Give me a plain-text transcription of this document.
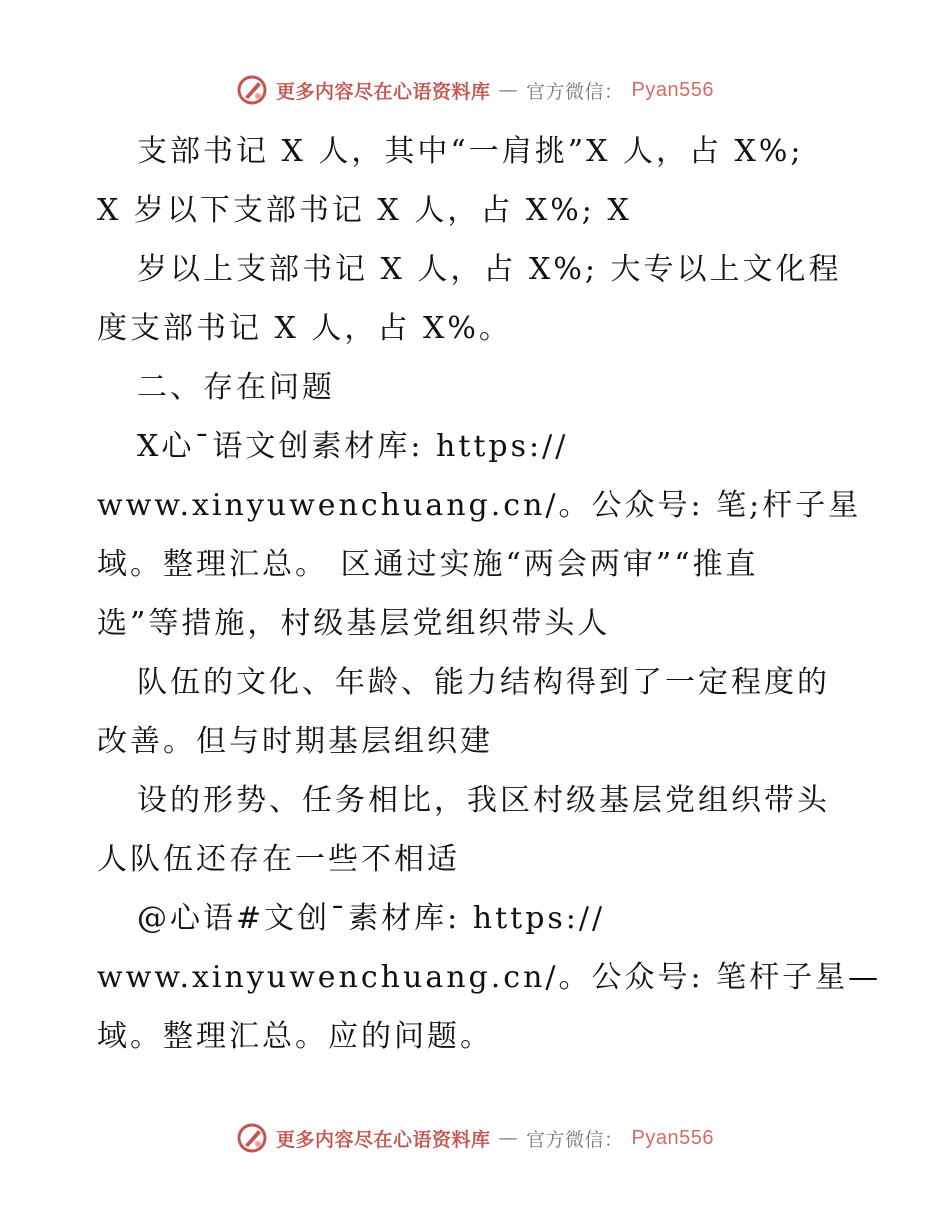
更多内容尽在心语资料库 — 官方微信： Pyan556
支部书记 X 人，其中“一肩挑”X 人，占 X%;
X 岁以下支部书记 X 人，占 X%; X
岁以上支部书记 X 人，占 X%; 大专以上文化程
度支部书记 X 人，占 X%。
二、存在问题
X心¯语文创素材库: https://
www.xinyuwenchuang.cn/。公众号: 笔;杆子星
域。整理汇总。 区通过实施“两会两审”“推直
选”等措施，村级基层党组织带头人
队伍的文化、年龄、能力结构得到了一定程度的
改善。但与时期基层组织建
设的形势、任务相比，我区村级基层党组织带头
人队伍还存在一些不相适
@心语#文创¯素材库: https://
www.xinyuwenchuang.cn/。公众号: 笔杆子星—
域。整理汇总。应的问题。
更多内容尽在心语资料库 — 官方微信： Pyan556
